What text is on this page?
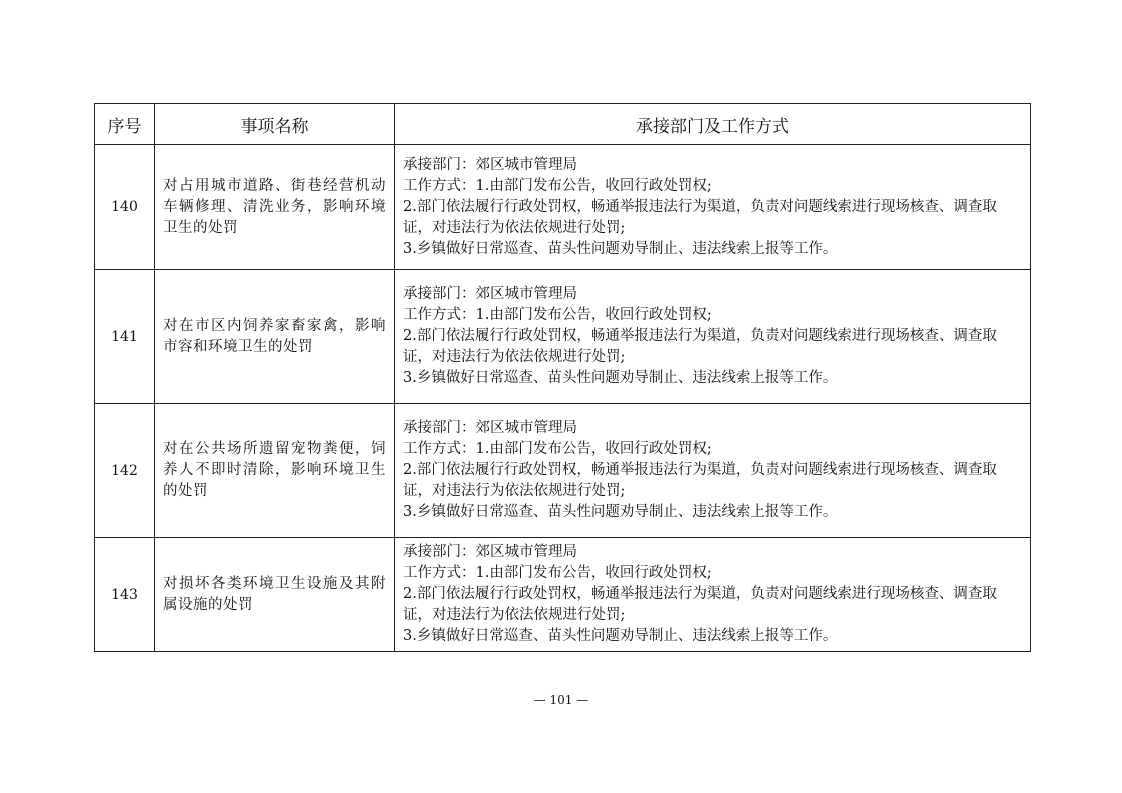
序号	事项名称	承接部门及工作方式
140	对占用城市道路、街巷经营机动车辆修理、清洗业务，影响环境卫生的处罚	承接部门：郊区城市管理局
工作方式：1.由部门发布公告，收回行政处罚权;
2.部门依法履行行政处罚权，畅通举报违法行为渠道，负责对问题线索进行现场核查、调查取证，对违法行为依法依规进行处罚;
3.乡镇做好日常巡查、苗头性问题劝导制止、违法线索上报等工作。

141	对在市区内饲养家畜家禽，影响市容和环境卫生的处罚	承接部门：郊区城市管理局
工作方式：1.由部门发布公告，收回行政处罚权;
2.部门依法履行行政处罚权，畅通举报违法行为渠道，负责对问题线索进行现场核查、调查取证，对违法行为依法依规进行处罚;
3.乡镇做好日常巡查、苗头性问题劝导制止、违法线索上报等工作。

142	对在公共场所遗留宠物粪便，饲养人不即时清除，影响环境卫生的处罚	承接部门：郊区城市管理局
工作方式：1.由部门发布公告，收回行政处罚权;
2.部门依法履行行政处罚权，畅通举报违法行为渠道，负责对问题线索进行现场核查、调查取证，对违法行为依法依规进行处罚;
3.乡镇做好日常巡查、苗头性问题劝导制止、违法线索上报等工作。

143	对损坏各类环境卫生设施及其附属设施的处罚	承接部门：郊区城市管理局
工作方式：1.由部门发布公告，收回行政处罚权;
2.部门依法履行行政处罚权，畅通举报违法行为渠道，负责对问题线索进行现场核查、调查取证，对违法行为依法依规进行处罚;
3.乡镇做好日常巡查、苗头性问题劝导制止、违法线索上报等工作。
— 101 —
